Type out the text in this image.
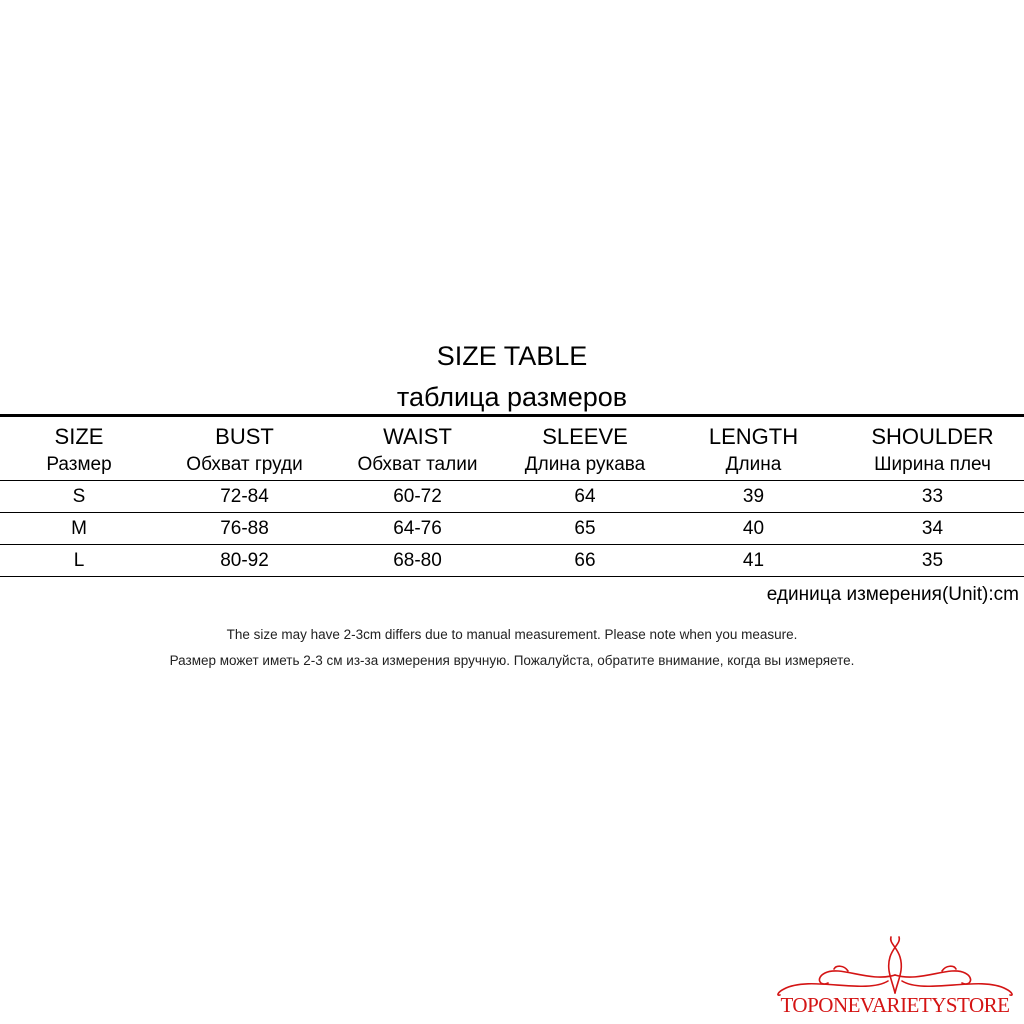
SIZE TABLE
таблица размеров
SIZE	BUST	WAIST	SLEEVE	LENGTH	SHOULDER
Размер	Обхват груди	Обхват талии	Длина рукава	Длина	Ширина плеч
S	72-84	60-72	64	39	33
M	76-88	64-76	65	40	34
L	80-92	68-80	66	41	35
единица измерения(Unit):cm
The size may have 2-3cm differs due to manual measurement. Please note when you measure.
Размер может иметь 2-3 см из-за измерения вручную. Пожалуйста, обратите внимание, когда вы измеряете.
TOPONEVARIETYSTORE
